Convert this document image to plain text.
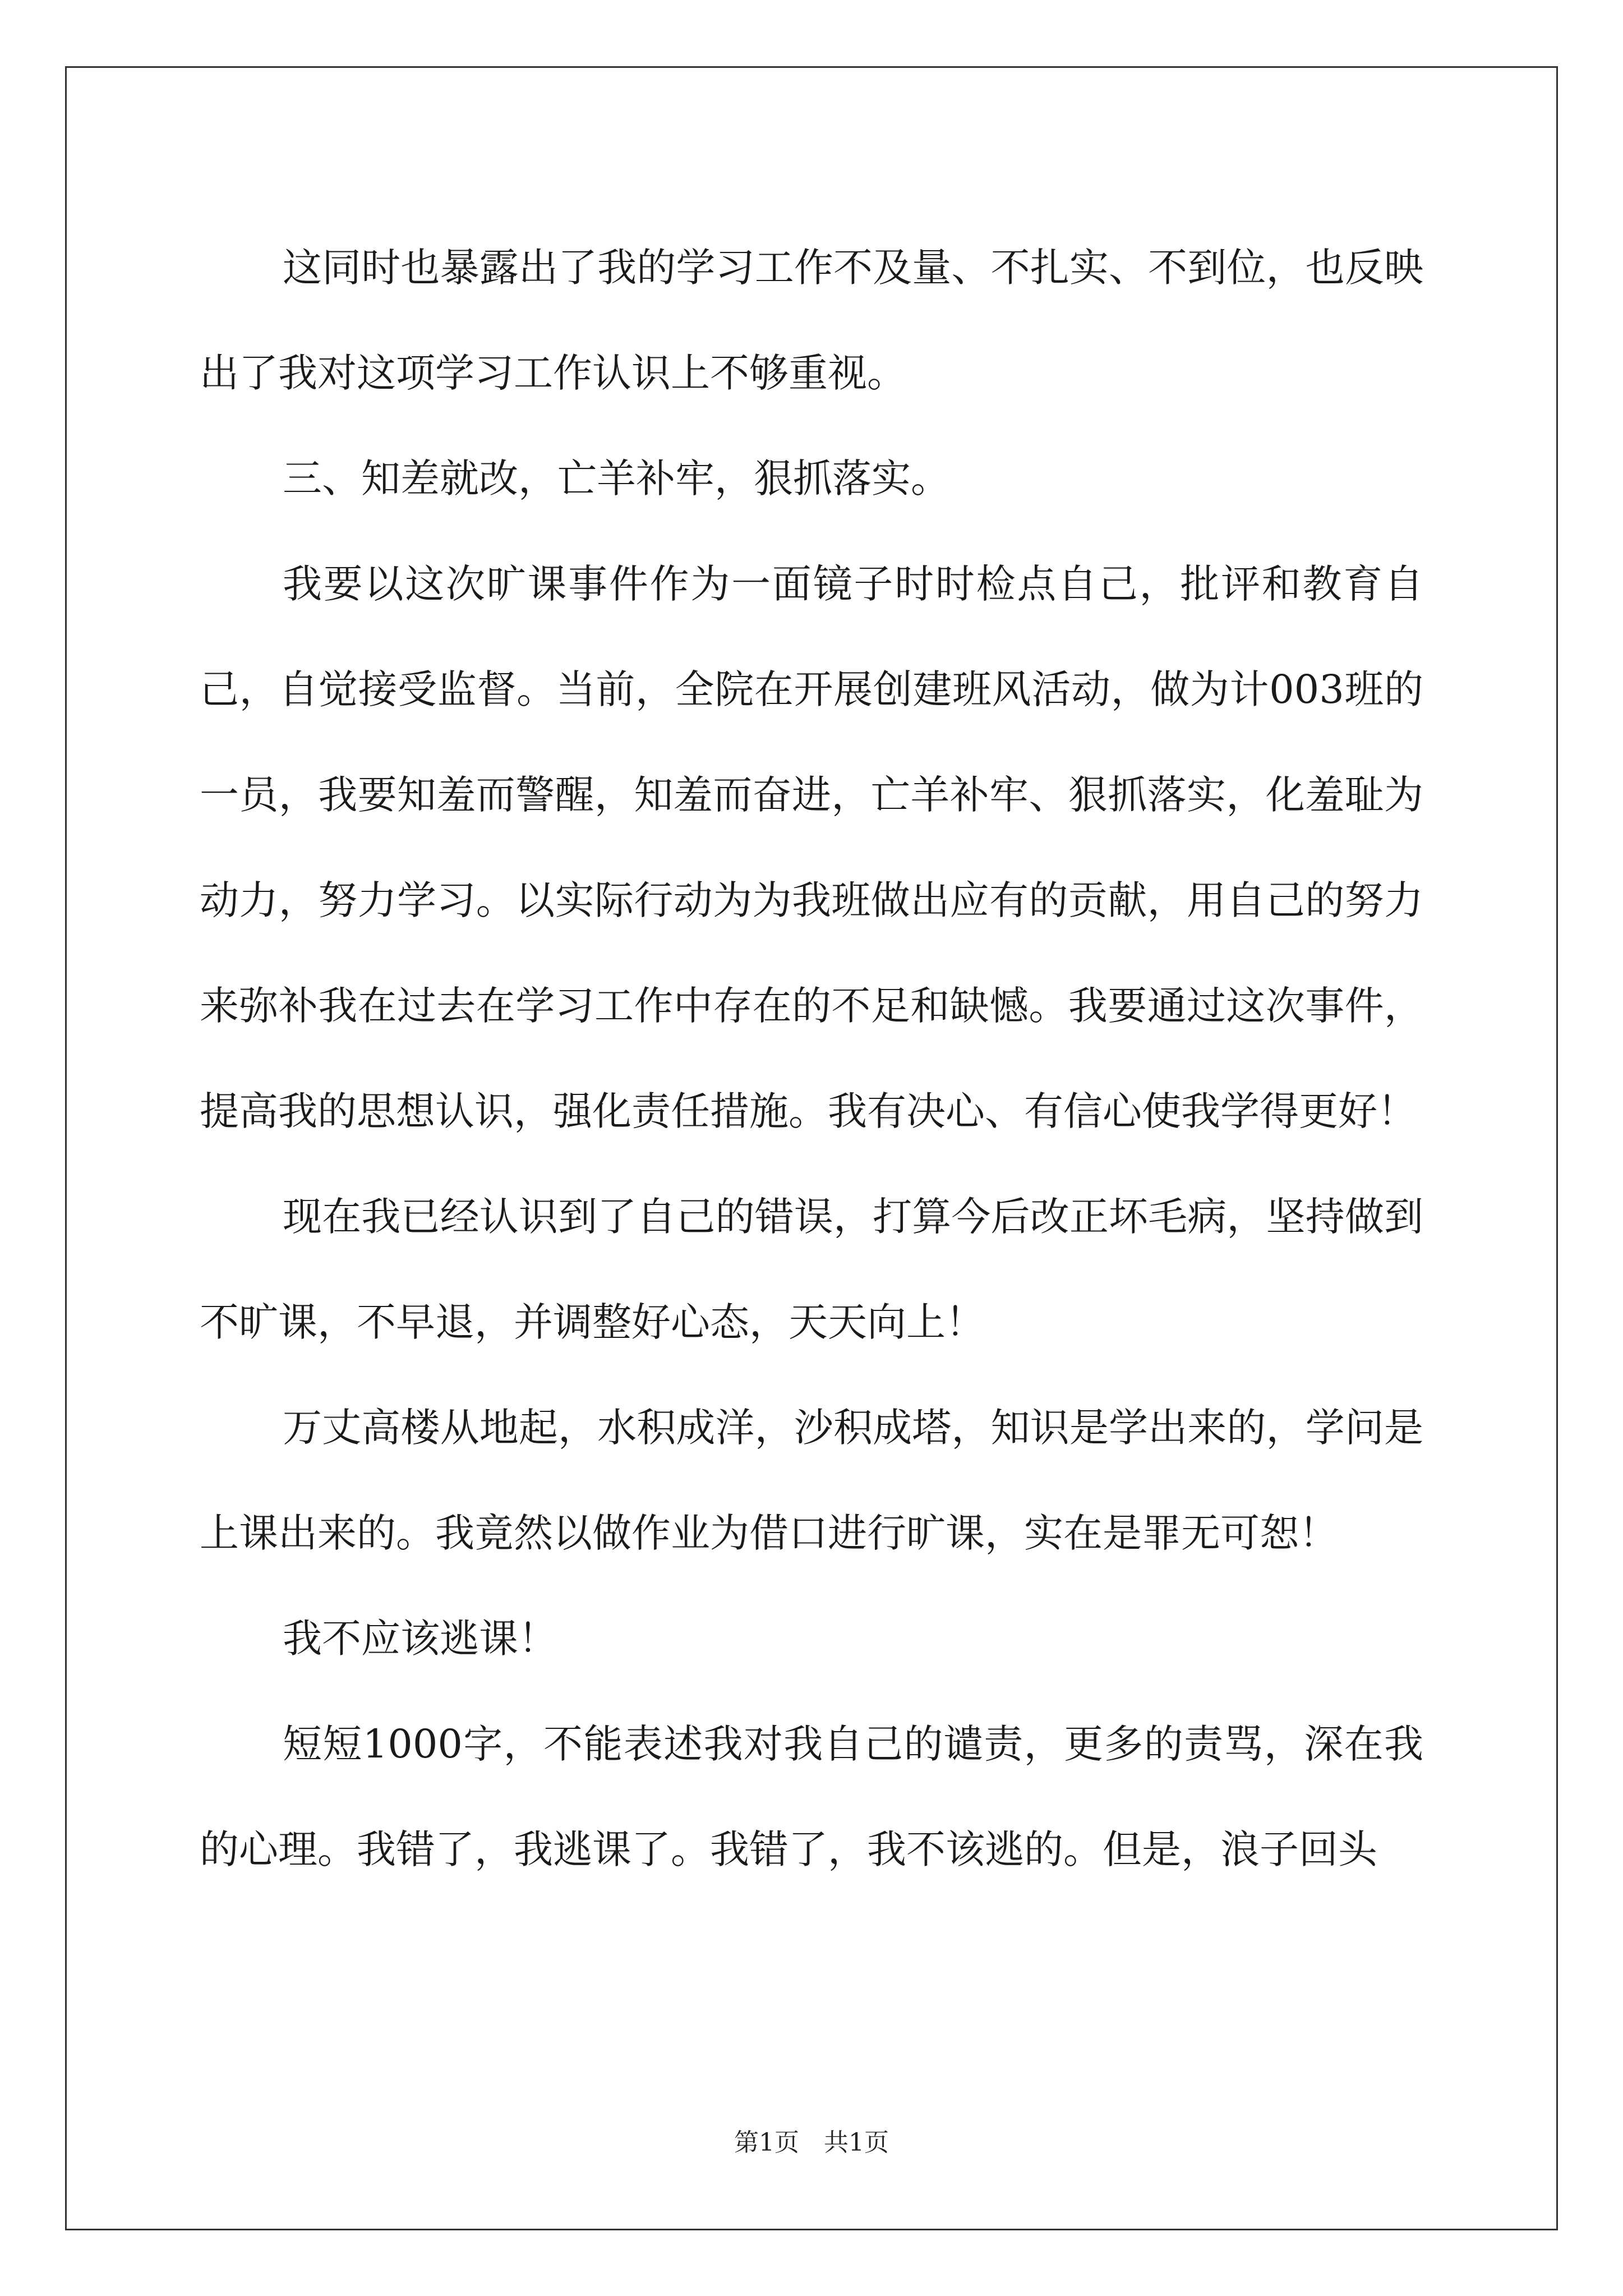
这同时也暴露出了我的学习工作不及量、不扎实、不到位，也反映出了我对这项学习工作认识上不够重视。

三、知差就改，亡羊补牢，狠抓落实。

我要以这次旷课事件作为一面镜子时时检点自己，批评和教育自己，自觉接受监督。当前，全院在开展创建班风活动，做为计003班的一员，我要知羞而警醒，知羞而奋进，亡羊补牢、狠抓落实，化羞耻为动力，努力学习。以实际行动为为我班做出应有的贡献，用自己的努力来弥补我在过去在学习工作中存在的不足和缺憾。我要通过这次事件，提高我的思想认识，强化责任措施。我有决心、有信心使我学得更好！

现在我已经认识到了自己的错误，打算今后改正坏毛病，坚持做到不旷课，不早退，并调整好心态，天天向上！

万丈高楼从地起，水积成洋，沙积成塔，知识是学出来的，学问是上课出来的。我竟然以做作业为借口进行旷课，实在是罪无可恕！

我不应该逃课！

短短1000字，不能表述我对我自己的谴责，更多的责骂，深在我的心理。我错了，我逃课了。我错了，我不该逃的。但是，浪子回头

第1页　共1页
